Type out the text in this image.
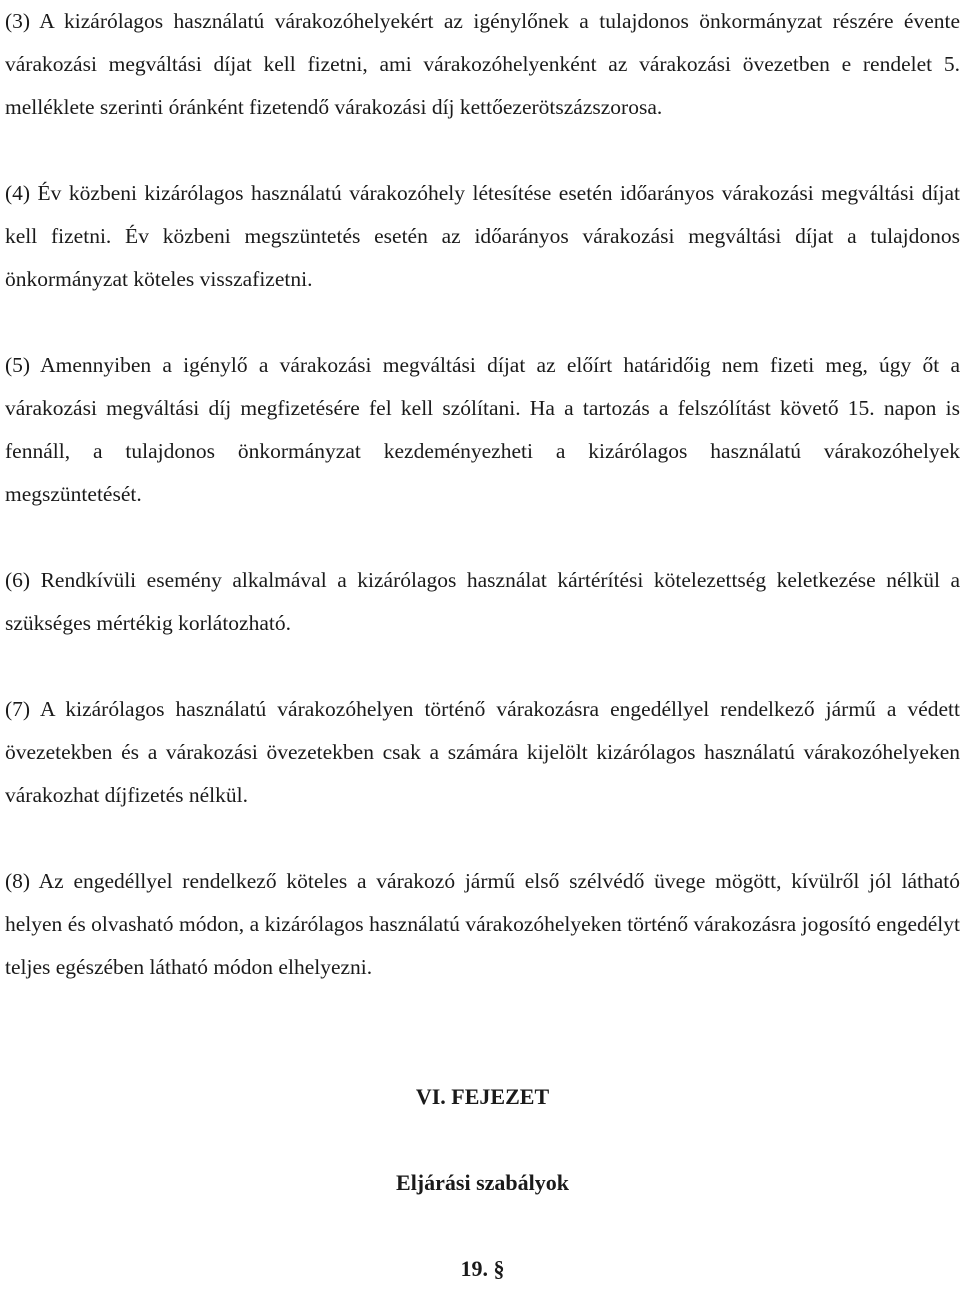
(3) A kizárólagos használatú várakozóhelyekért az igénylőnek a tulajdonos önkormányzat részére évente várakozási megváltási díjat kell fizetni, ami várakozóhelyenként az várakozási övezetben e rendelet 5. melléklete szerinti óránként fizetendő várakozási díj kettőezerötszázszorosa.

(4) Év közbeni kizárólagos használatú várakozóhely létesítése esetén időarányos várakozási megváltási díjat kell fizetni. Év közbeni megszüntetés esetén az időarányos várakozási megváltási díjat a tulajdonos önkormányzat köteles visszafizetni.

(5) Amennyiben a igénylő a várakozási megváltási díjat az előírt határidőig nem fizeti meg, úgy őt a várakozási megváltási díj megfizetésére fel kell szólítani. Ha a tartozás a felszólítást követő 15. napon is fennáll, a tulajdonos önkormányzat kezdeményezheti a kizárólagos használatú várakozóhelyek megszüntetését.

(6) Rendkívüli esemény alkalmával a kizárólagos használat kártérítési kötelezettség keletkezése nélkül a szükséges mértékig korlátozható.

(7) A kizárólagos használatú várakozóhelyen történő várakozásra engedéllyel rendelkező jármű a védett övezetekben és a várakozási övezetekben csak a számára kijelölt kizárólagos használatú várakozóhelyeken várakozhat díjfizetés nélkül.

(8) Az engedéllyel rendelkező köteles a várakozó jármű első szélvédő üvege mögött, kívülről jól látható helyen és olvasható módon, a kizárólagos használatú várakozóhelyeken történő várakozásra jogosító engedélyt teljes egészében látható módon elhelyezni.

VI. FEJEZET

Eljárási szabályok

19. §
